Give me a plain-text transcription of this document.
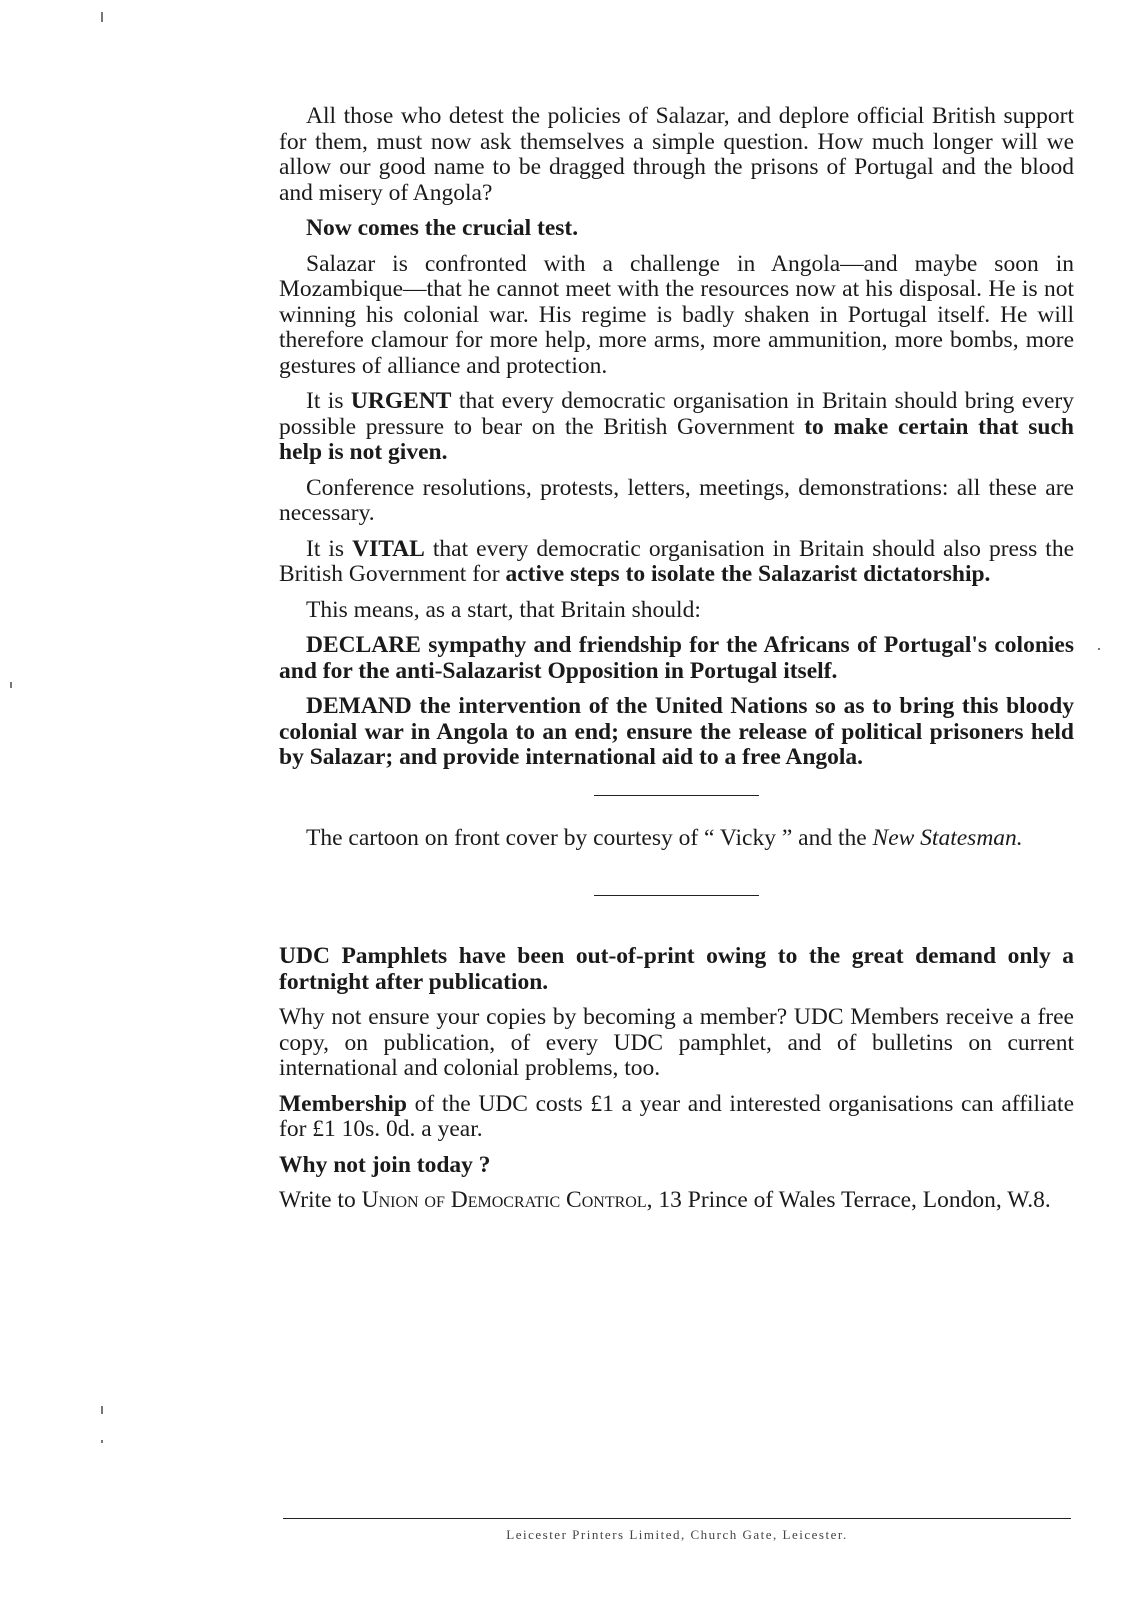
All those who detest the policies of Salazar, and deplore official British support for them, must now ask themselves a simple question. How much longer will we allow our good name to be dragged through the prisons of Portugal and the blood and misery of Angola?

Now comes the crucial test.

Salazar is confronted with a challenge in Angola—and maybe soon in Mozambique—that he cannot meet with the resources now at his disposal. He is not winning his colonial war. His regime is badly shaken in Portugal itself. He will therefore clamour for more help, more arms, more ammunition, more bombs, more gestures of alliance and protection.

It is URGENT that every democratic organisation in Britain should bring every possible pressure to bear on the British Government to make certain that such help is not given.

Conference resolutions, protests, letters, meetings, demonstrations: all these are necessary.

It is VITAL that every democratic organisation in Britain should also press the British Government for active steps to isolate the Salazarist dictatorship.

This means, as a start, that Britain should:

DECLARE sympathy and friendship for the Africans of Portugal's colonies and for the anti-Salazarist Opposition in Portugal itself.

DEMAND the intervention of the United Nations so as to bring this bloody colonial war in Angola to an end; ensure the release of political prisoners held by Salazar; and provide international aid to a free Angola.

The cartoon on front cover by courtesy of “ Vicky ” and the New Statesman.

UDC Pamphlets have been out-of-print owing to the great demand only a fortnight after publication.

Why not ensure your copies by becoming a member? UDC Members receive a free copy, on publication, of every UDC pamphlet, and of bulletins on current international and colonial problems, too.

Membership of the UDC costs £1 a year and interested organisations can affiliate for £1 10s. 0d. a year.

Why not join today ?

Write to Union of Democratic Control, 13 Prince of Wales Terrace, London, W.8.

Leicester Printers Limited, Church Gate, Leicester.
